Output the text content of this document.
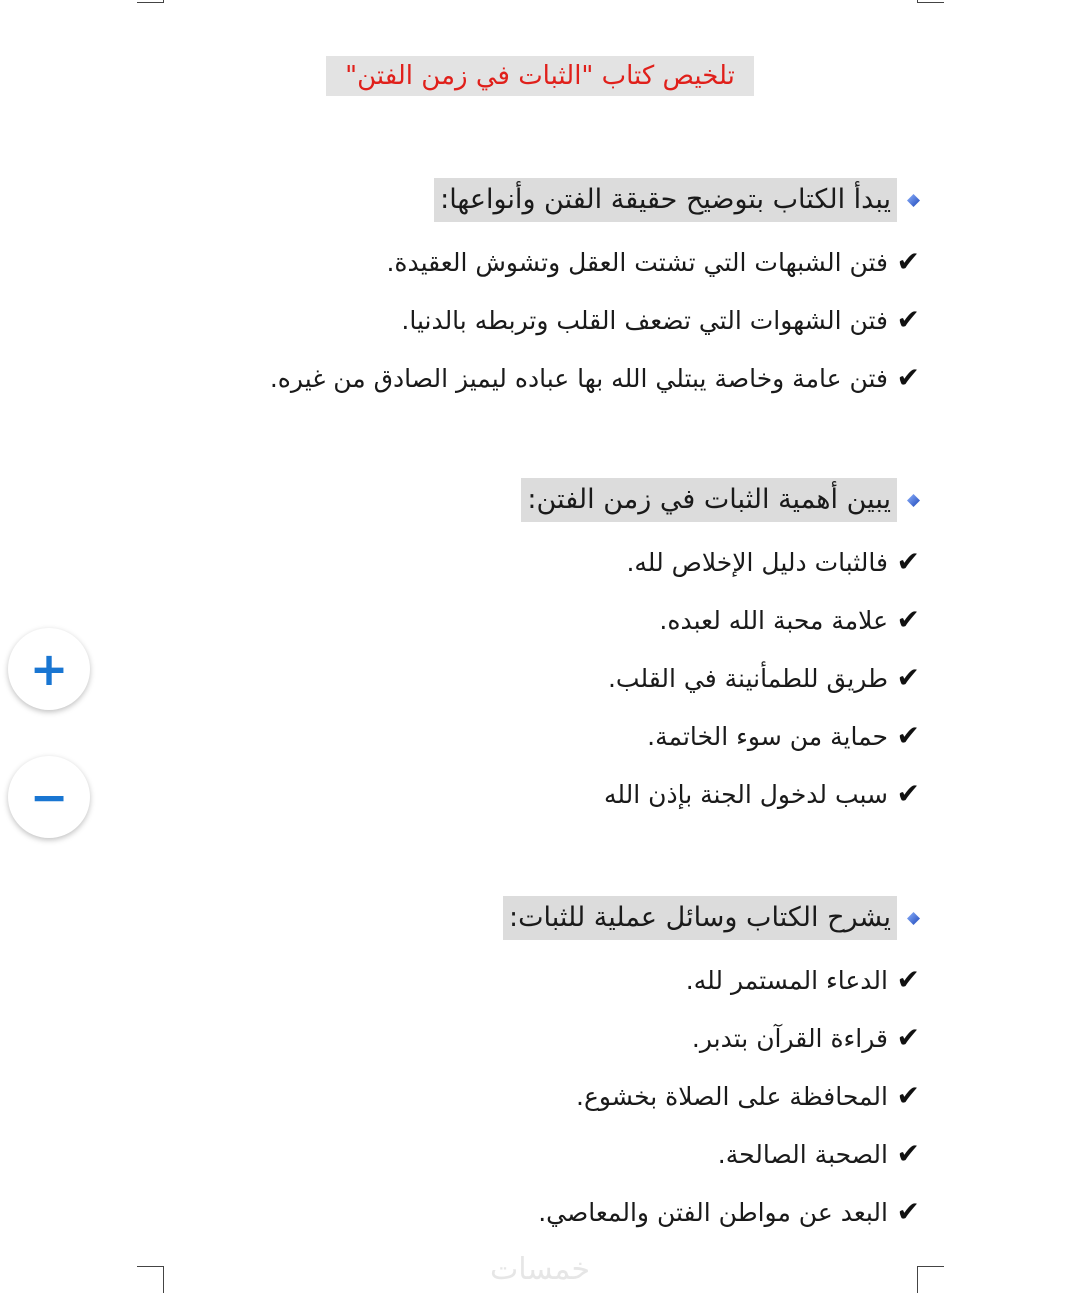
تلخيص كتاب "الثبات في زمن الفتن"
يبدأ الكتاب بتوضيح حقيقة الفتن وأنواعها:
✔
فتن الشبهات التي تشتت العقل وتشوش العقيدة.
✔
فتن الشهوات التي تضعف القلب وتربطه بالدنيا.
✔
فتن عامة وخاصة يبتلي الله بها عباده ليميز الصادق من غيره.
يبين أهمية الثبات في زمن الفتن:
✔
فالثبات دليل الإخلاص لله.
✔
علامة محبة الله لعبده.
✔
طريق للطمأنينة في القلب.
✔
حماية من سوء الخاتمة.
✔
سبب لدخول الجنة بإذن الله
يشرح الكتاب وسائل عملية للثبات:
✔
الدعاء المستمر لله.
✔
قراءة القرآن بتدبر.
✔
المحافظة على الصلاة بخشوع.
✔
الصحبة الصالحة.
✔
البعد عن مواطن الفتن والمعاصي.
خمسات
+
−
